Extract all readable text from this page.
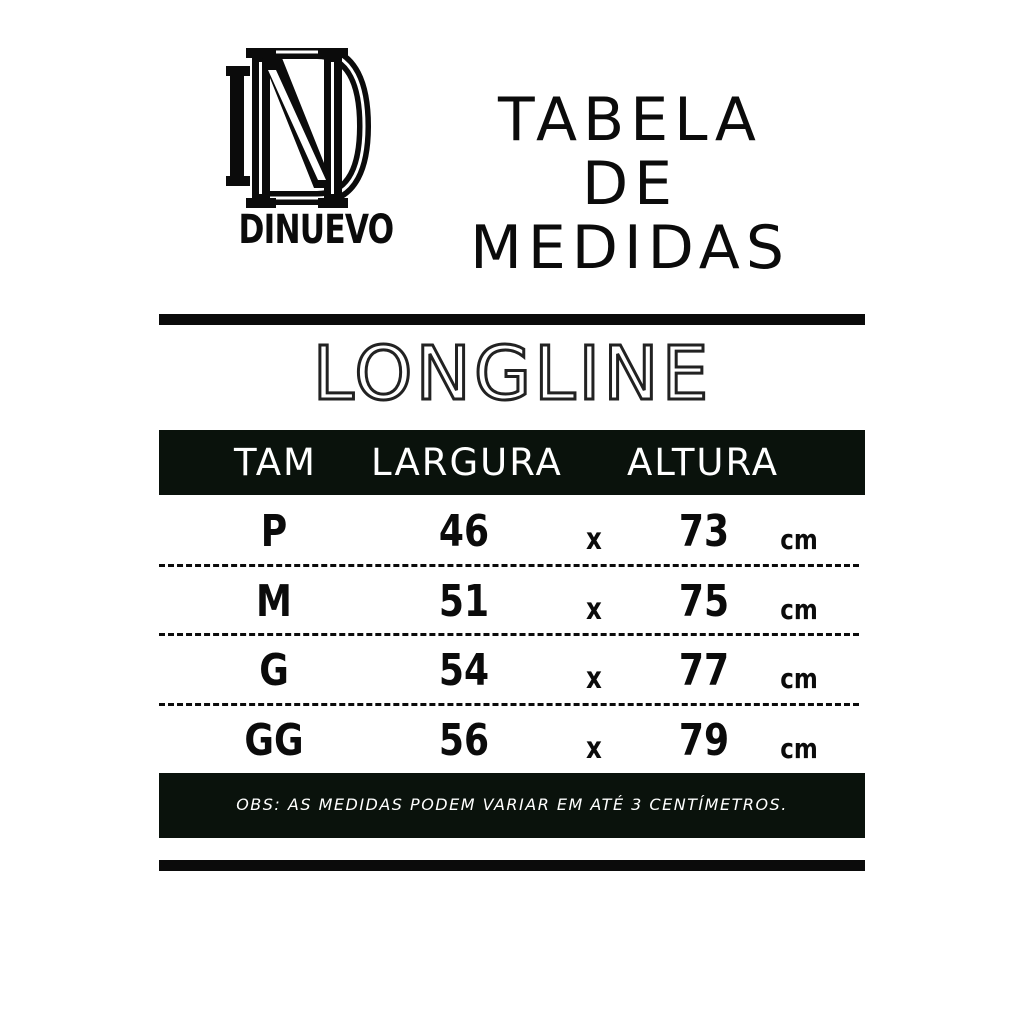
DINUEVO
TABELA
DE MEDIDAS
LONGLINE
TAM LARGURA ALTURA
P	46	x 73 cm
M	51	x 75 cm
G	54	x 77 cm
GG	56	x 79 cm
OBS: AS MEDIDAS PODEM VARIAR EM ATÉ 3 CENTÍMETROS.
